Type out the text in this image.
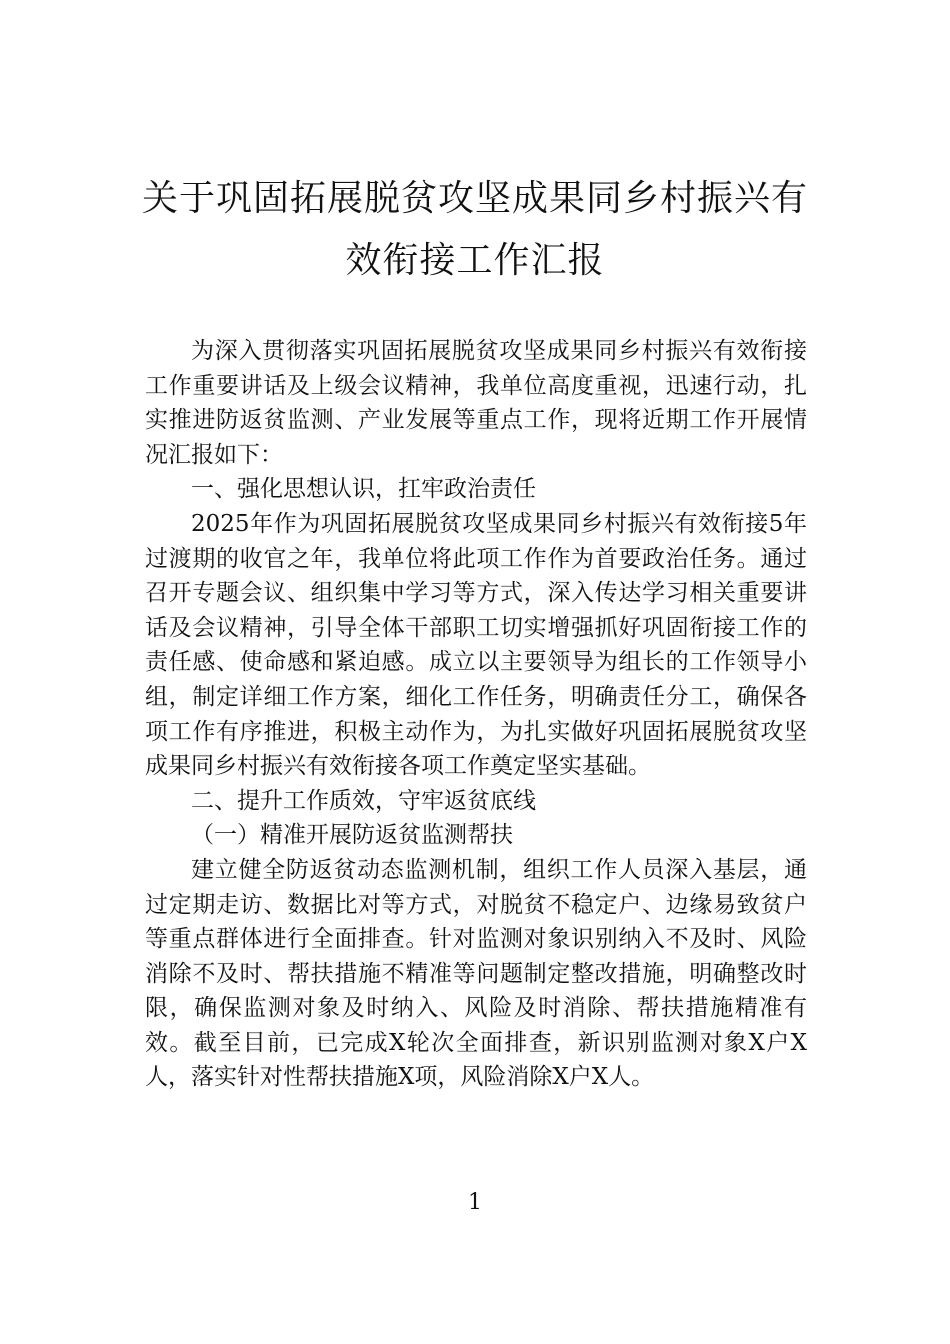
关于巩固拓展脱贫攻坚成果同乡村振兴有
效衔接工作汇报

为深入贯彻落实巩固拓展脱贫攻坚成果同乡村振兴有效衔接工作重要讲话及上级会议精神，我单位高度重视，迅速行动，扎实推进防返贫监测、产业发展等重点工作，现将近期工作开展情况汇报如下：

一、强化思想认识，扛牢政治责任

2025年作为巩固拓展脱贫攻坚成果同乡村振兴有效衔接5年过渡期的收官之年，我单位将此项工作作为首要政治任务。通过召开专题会议、组织集中学习等方式，深入传达学习相关重要讲话及会议精神，引导全体干部职工切实增强抓好巩固衔接工作的责任感、使命感和紧迫感。成立以主要领导为组长的工作领导小组，制定详细工作方案，细化工作任务，明确责任分工，确保各项工作有序推进，积极主动作为，为扎实做好巩固拓展脱贫攻坚成果同乡村振兴有效衔接各项工作奠定坚实基础。

二、提升工作质效，守牢返贫底线

（一）精准开展防返贫监测帮扶

建立健全防返贫动态监测机制，组织工作人员深入基层，通过定期走访、数据比对等方式，对脱贫不稳定户、边缘易致贫户等重点群体进行全面排查。针对监测对象识别纳入不及时、风险消除不及时、帮扶措施不精准等问题制定整改措施，明确整改时限，确保监测对象及时纳入、风险及时消除、帮扶措施精准有效。截至目前，已完成X轮次全面排查，新识别监测对象X户X人，落实针对性帮扶措施X项，风险消除X户X人。

1
